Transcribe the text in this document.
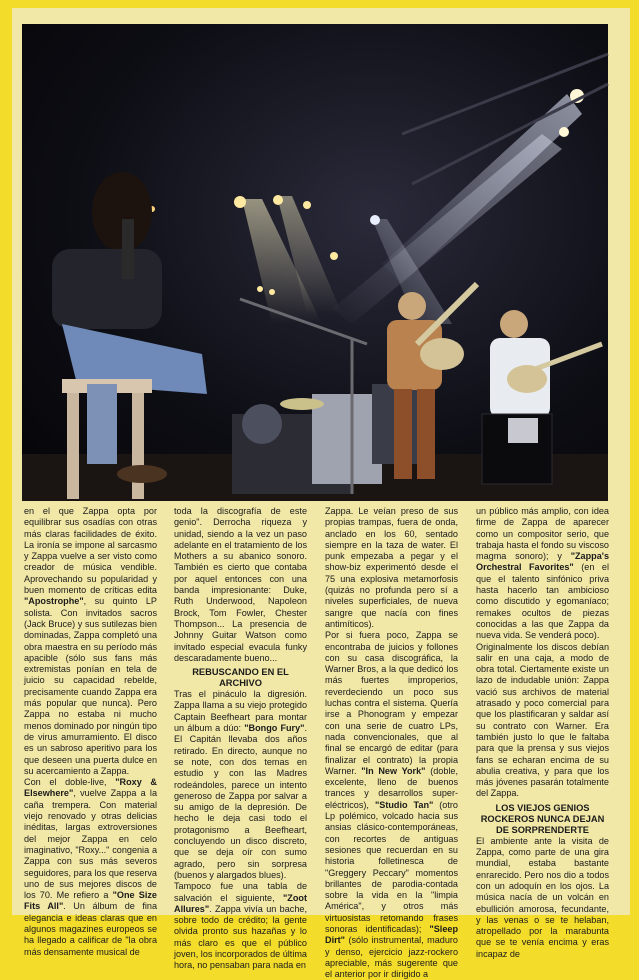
en el que Zappa opta por equilibrar sus osadías con otras más claras facilidades de éxito. La ironía se impone al sarcasmo y Zappa vuelve a ser visto como creador de música vendible. Aprovechando su popularidad y buen momento de críticas edita "Apostrophe", su quinto LP solista. Con invitados sacros (Jack Bruce) y sus sutilezas bien dominadas, Zappa completó una obra maestra en su período más apacible (sólo sus fans más extremistas ponían en tela de juicio su capacidad rebelde, precisamente cuando Zappa era más popular que nunca). Pero Zappa no estaba ni mucho menos dominado por ningún tipo de virus amurramiento. El disco es un sabroso aperitivo para los que deseen una puerta dulce en su acercamiento a Zappa.

Con el doble-live, "Roxy & Elsewhere", vuelve Zappa a la caña trempera. Con material viejo renovado y otras delicias inéditas, largas extroversiones del mejor Zappa en celo imaginativo, "Roxy..." congenia a Zappa con sus más severos seguidores, para los que reserva uno de sus mejores discos de los 70. Me refiero a "One Size Fits All". Un álbum de fina elegancia e ideas claras que en algunos magazines europeos se ha llegado a calificar de "la obra más densamente musical de

toda la discografía de este genio". Derrocha riqueza y unidad, siendo a la vez un paso adelante en el tratamiento de los Mothers a su abanico sonoro. También es cierto que contaba por aquel entonces con una banda impresionante: Duke, Ruth Underwood, Napoleon Brock, Tom Fowler, Chester Thompson... La presencia de Johnny Guitar Watson como invitado especial evacula funky descaradamente bueno...

REBUSCANDO EN EL ARCHIVO

Tras el pináculo la digresión. Zappa llama a su viejo protegido Captain Beefheart para montar un álbum a dúo: "Bongo Fury". El Capitán llevaba dos años retirado. En directo, aunque no se note, con dos temas en estudio y con las Madres rodeándoles, parece un intento generoso de Zappa por salvar a su amigo de la depresión. De hecho le deja casi todo el protagonismo a Beefheart, concluyendo un disco discreto, que se deja oír con sumo agrado, pero sin sorpresa (buenos y alargados blues).

Tampoco fue una tabla de salvación el siguiente, "Zoot Allures". Zappa vivía un bache, sobre todo de crédito; la gente olvida pronto sus hazañas y lo más claro es que el público joven, los incorporados de última hora, no pensaban para nada en

Zappa. Le veían preso de sus propias trampas, fuera de onda, anclado en los 60, sentado siempre en la taza de water. El punk empezaba a pegar y el show-biz experimentó desde el 75 una explosiva metamorfosis (quizás no profunda pero sí a niveles superficiales, de nueva sangre que nacía con fines antimíticos).

Por si fuera poco, Zappa se encontraba de juicios y follones con su casa discográfica, la Warner Bros, a la que dedicó los más fuertes improperios, reverdeciendo un poco sus luchas contra el sistema. Quería irse a Phonogram y empezar con una serie de cuatro LPs, nada convencionales, que al final se encargó de editar (para finalizar el contrato) la propia Warner. "In New York" (doble, excelente, lleno de buenos trances y desarrollos super-eléctricos), "Studio Tan" (otro Lp polémico, volcado hacia sus ansias clásico-contemporáneas, con recortes de antiguas sesiones que recuerdan en su historia folletinesca de "Greggery Peccary" momentos brillantes de parodia-contada sobre la vida en la "limpia América", y otros más virtuosistas retomando frases sonoras identificadas); "Sleep Dirt" (sólo instrumental, maduro y denso, ejercicio jazz-rockero apreciable, más sugerente que el anterior por ir dirigido a

un público más amplio, con idea firme de Zappa de aparecer como un compositor serio, que trabaja hasta el fondo su viscoso magma sonoro); y "Zappa's Orchestral Favorites" (en el que el talento sinfónico priva hasta hacerlo tan ambicioso como discutido y egomaníaco; remakes ocultos de piezas conocidas a las que Zappa da nueva vida. Se venderá poco).

Originalmente los discos debían salir en una caja, a modo de obra total. Ciertamente existe un lazo de indudable unión: Zappa vació sus archivos de material atrasado y poco comercial para que los plastificaran y saldar así su contrato con Warner. Era también justo lo que le faltaba para que la prensa y sus viejos fans se echaran encima de su abulia creativa, y para que los más jóvenes pasarán totalmente del Zappa.

LOS VIEJOS GENIOS ROCKEROS NUNCA DEJAN DE SORPRENDERTE

El ambiente ante la visita de Zappa, como parte de una gira mundial, estaba bastante enrarecido. Pero nos dio a todos con un adoquín en los ojos. La música nacía de un volcán en ebullición amorosa, fecundante, y las venas o se te helaban, atropellado por la marabunta que se te venía encima y eras incapaz de
